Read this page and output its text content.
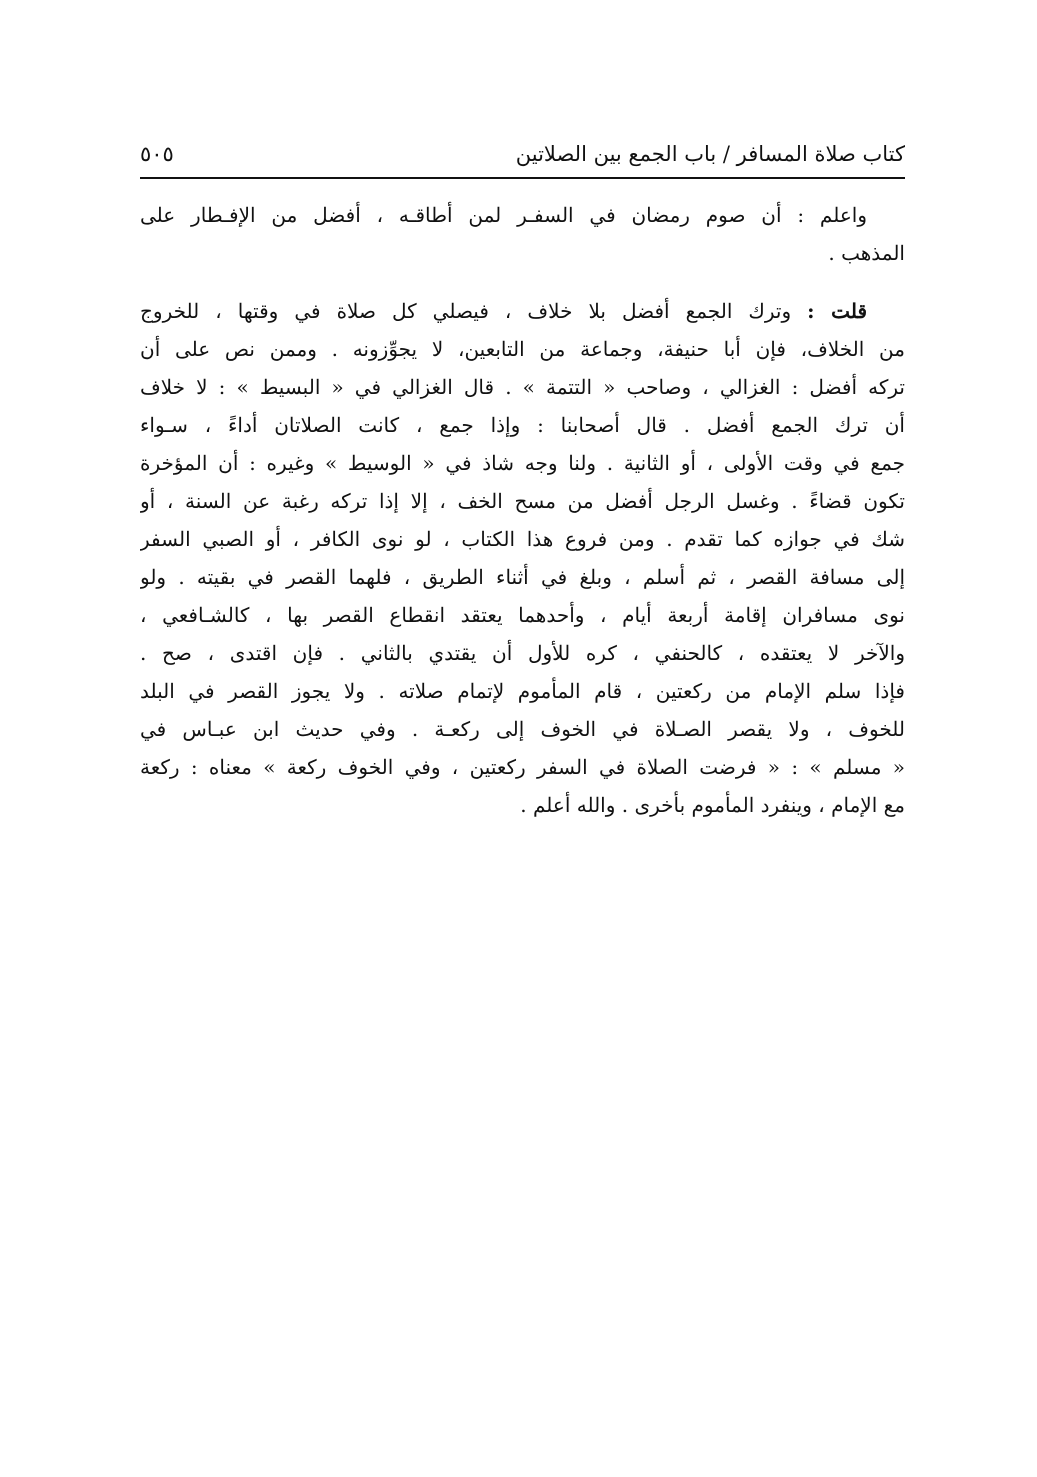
كتاب صلاة المسافر / باب الجمع بين الصلاتين
٥٠٥
واعلم : أن صوم رمضان في السفـر لمن أطاقـه ، أفضل من الإفـطار على
المذهب .
قلت : وترك الجمع أفضل بلا خلاف ، فيصلي كل صلاة في وقتها ، للخروج
من الخلاف، فإن أبا حنيفة، وجماعة من التابعين، لا يجوِّزونه . وممن نص على أن
تركه أفضل : الغزالي ، وصاحب « التتمة » . قال الغزالي في « البسيط » : لا خلاف
أن ترك الجمع أفضل . قال أصحابنا : وإذا جمع ، كانت الصلاتان أداءً ، سـواء
جمع في وقت الأولى ، أو الثانية . ولنا وجه شاذ في « الوسيط » وغيره : أن المؤخرة
تكون قضاءً . وغسل الرجل أفضل من مسح الخف ، إلا إذا تركه رغبة عن السنة ، أو
شك في جوازه كما تقدم . ومن فروع هذا الكتاب ، لو نوى الكافر ، أو الصبي السفر
إلى مسافة القصر ، ثم أسلم ، وبلغ في أثناء الطريق ، فلهما القصر في بقيته . ولو
نوى مسافران إقامة أربعة أيام ، وأحدهما يعتقد انقطاع القصر بها ، كالشـافعي ،
والآخر لا يعتقده ، كالحنفي ، كره للأول أن يقتدي بالثاني . فإن اقتدى ، صح .
فإذا سلم الإمام من ركعتين ، قام المأموم لإتمام صلاته . ولا يجوز القصر في البلد
للخوف ، ولا يقصر الصـلاة في الخوف إلى ركعـة . وفي حديث ابن عبـاس في
« مسلم » : « فرضت الصلاة في السفر ركعتين ، وفي الخوف ركعة » معناه : ركعة
مع الإمام ، وينفرد المأموم بأخرى . والله أعلم .
